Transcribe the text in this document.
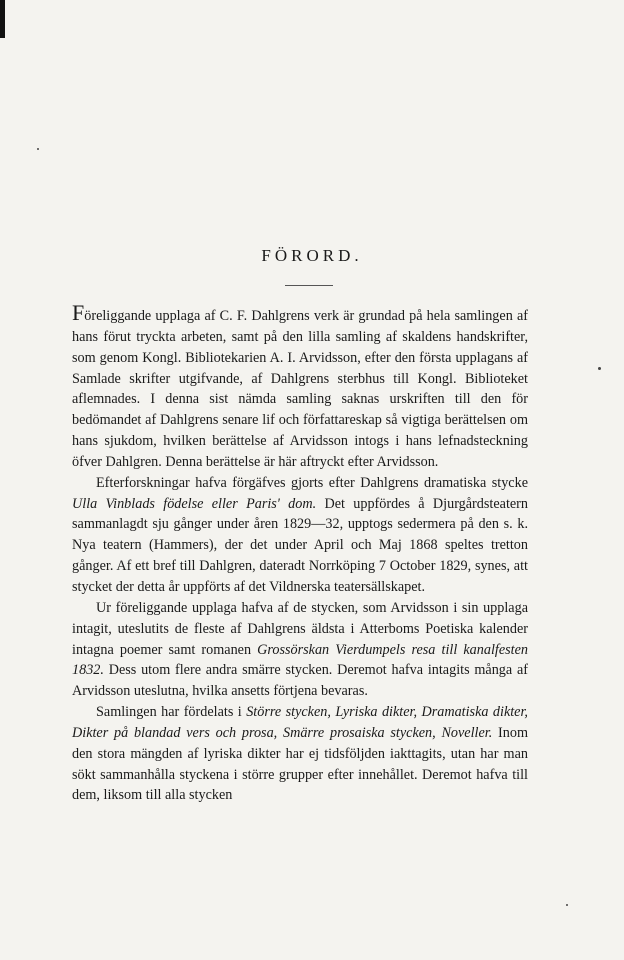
FÖRORD.

Föreliggande upplaga af C. F. Dahlgrens verk är grundad på hela samlingen af hans förut tryckta arbeten, samt på den lilla samling af skaldens handskrifter, som genom Kongl. Bibliotekarien A. I. Arvidsson, efter den första upplagans af Samlade skrifter utgifvande, af Dahlgrens sterbhus till Kongl. Biblioteket aflemnades. I denna sist nämda samling saknas urskriften till den för bedömandet af Dahlgrens senare lif och författareskap så vigtiga berättelsen om hans sjukdom, hvilken berättelse af Arvidsson intogs i hans lefnadsteckning öfver Dahlgren. Denna berättelse är här aftryckt efter Arvidsson.

Efterforskningar hafva förgäfves gjorts efter Dahlgrens dramatiska stycke Ulla Vinblads födelse eller Paris' dom. Det uppfördes å Djurgårdsteatern sammanlagdt sju gånger under åren 1829—32, upptogs sedermera på den s. k. Nya teatern (Hammers), der det under April och Maj 1868 speltes tretton gånger. Af ett bref till Dahlgren, dateradt Norrköping 7 October 1829, synes, att stycket der detta år uppförts af det Vildnerska teatersällskapet.

Ur föreliggande upplaga hafva af de stycken, som Arvidsson i sin upplaga intagit, uteslutits de fleste af Dahlgrens äldsta i Atterboms Poetiska kalender intagna poemer samt romanen Grossörskan Vierdumpels resa till kanalfesten 1832. Dess utom flere andra smärre stycken. Deremot hafva intagits många af Arvidsson uteslutna, hvilka ansetts förtjena bevaras.

Samlingen har fördelats i Större stycken, Lyriska dikter, Dramatiska dikter, Dikter på blandad vers och prosa, Smärre prosaiska stycken, Noveller. Inom den stora mängden af lyriska dikter har ej tidsföljden iakttagits, utan har man sökt sammanhålla styckena i större grupper efter innehållet. Deremot hafva till dem, liksom till alla stycken
